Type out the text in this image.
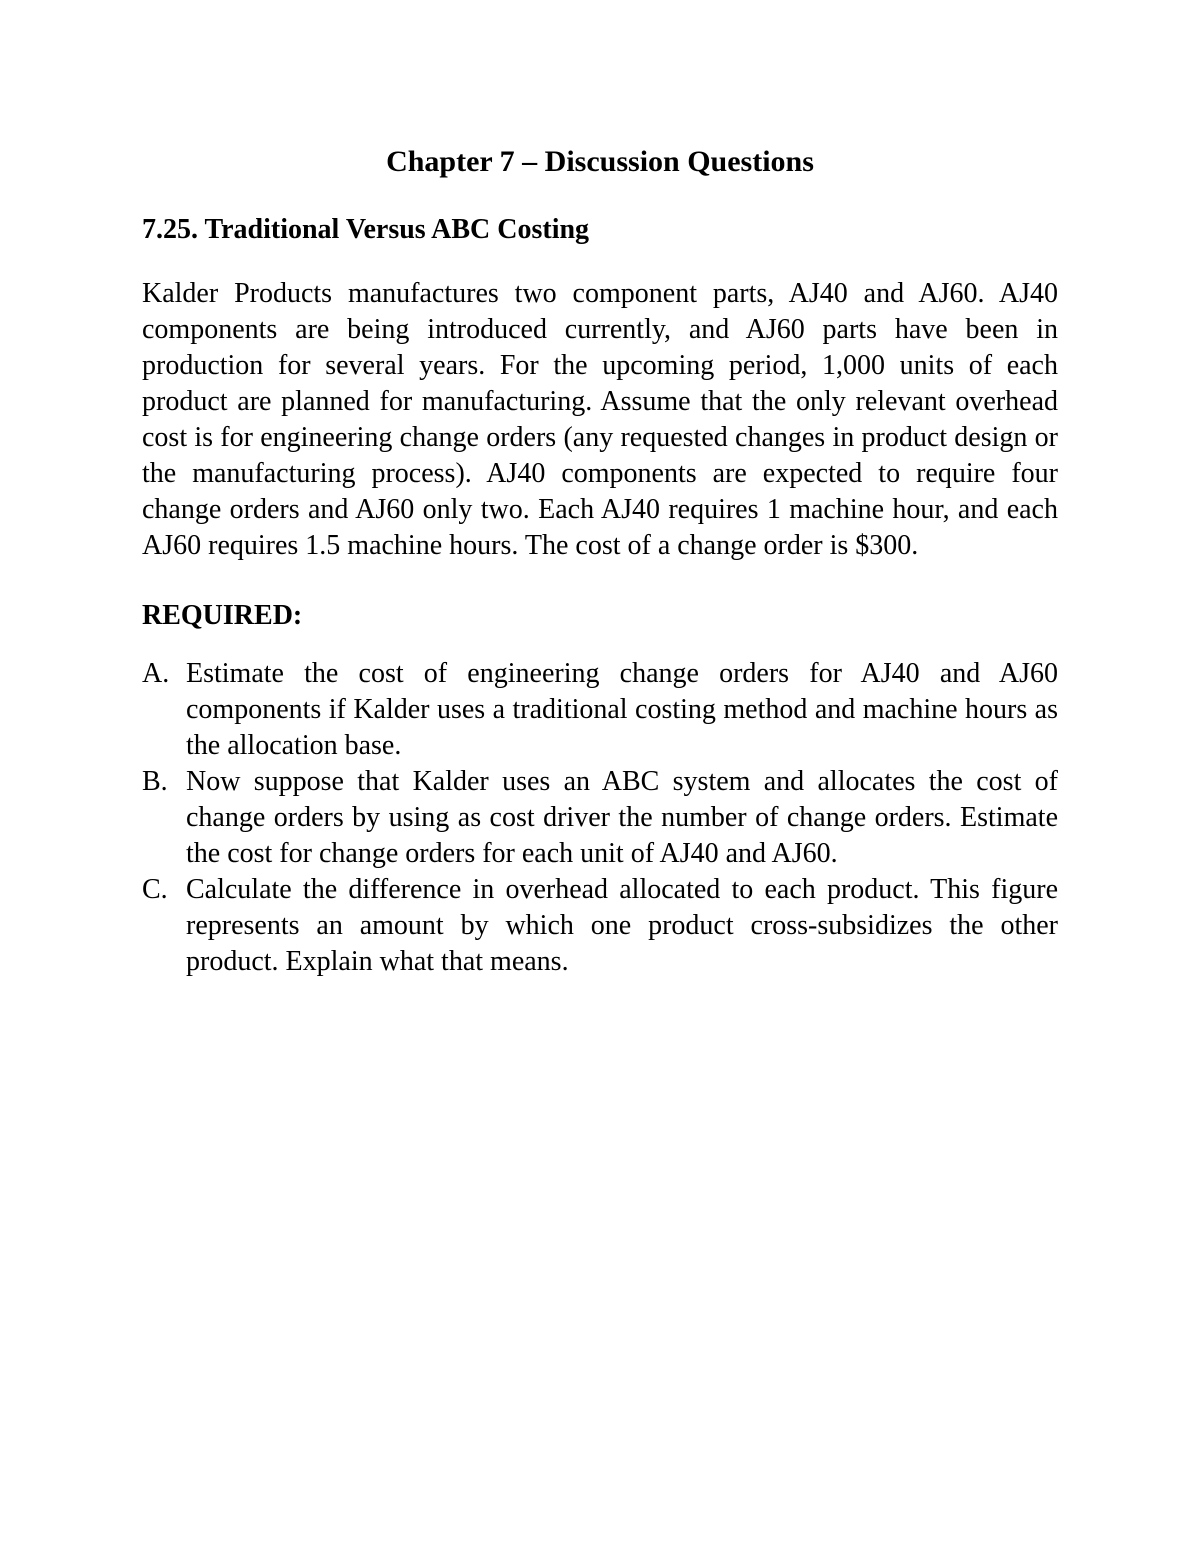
Chapter 7 – Discussion Questions
7.25. Traditional Versus ABC Costing

Kalder Products manufactures two component parts, AJ40 and AJ60. AJ40 components are being introduced currently, and AJ60 parts have been in production for several years. For the upcoming period, 1,000 units of each product are planned for manufacturing. Assume that the only relevant overhead cost is for engineering change orders (any requested changes in product design or the manufacturing process). AJ40 components are expected to require four change orders and AJ60 only two. Each AJ40 requires 1 machine hour, and each AJ60 requires 1.5 machine hours. The cost of a change order is $300.

REQUIRED:
A. Estimate the cost of engineering change orders for AJ40 and AJ60 components if Kalder uses a traditional costing method and machine hours as the allocation base.
B. Now suppose that Kalder uses an ABC system and allocates the cost of change orders by using as cost driver the number of change orders. Estimate the cost for change orders for each unit of AJ40 and AJ60.
C. Calculate the difference in overhead allocated to each product. This figure represents an amount by which one product cross-subsidizes the other product. Explain what that means.
